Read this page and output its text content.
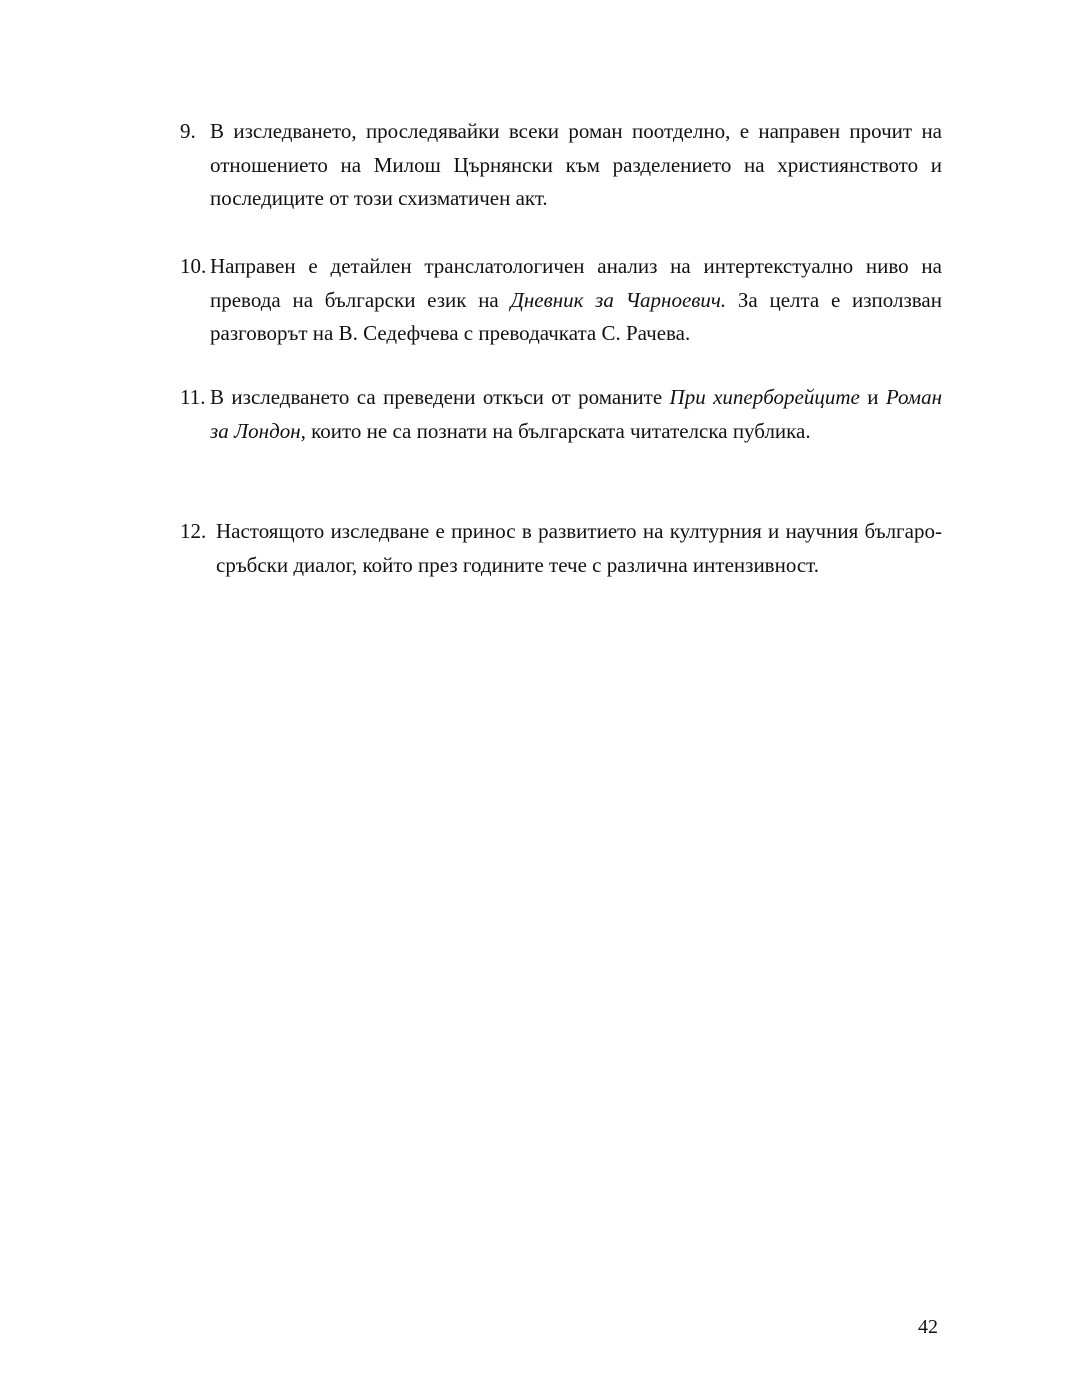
9. В изследването, проследявайки всеки роман поотделно, е направен прочит на отношението на Милош Църнянски към разделението на християнството и последиците от този схизматичен акт.
10. Направен е детайлен транслатологичен анализ на интертекстуално ниво на превода на български език на Дневник за Чарноевич. За целта е използван разговорът на В. Седефчева с преводачката С. Рачева.
11. В изследването са преведени откъси от романите При хиперборейците и Роман за Лондон, които не са познати на българската читателска публика.
12. Настоящото изследване е принос в развитието на културния и научния българо-сръбски диалог, който през годините тече с различна интензивност.
42
